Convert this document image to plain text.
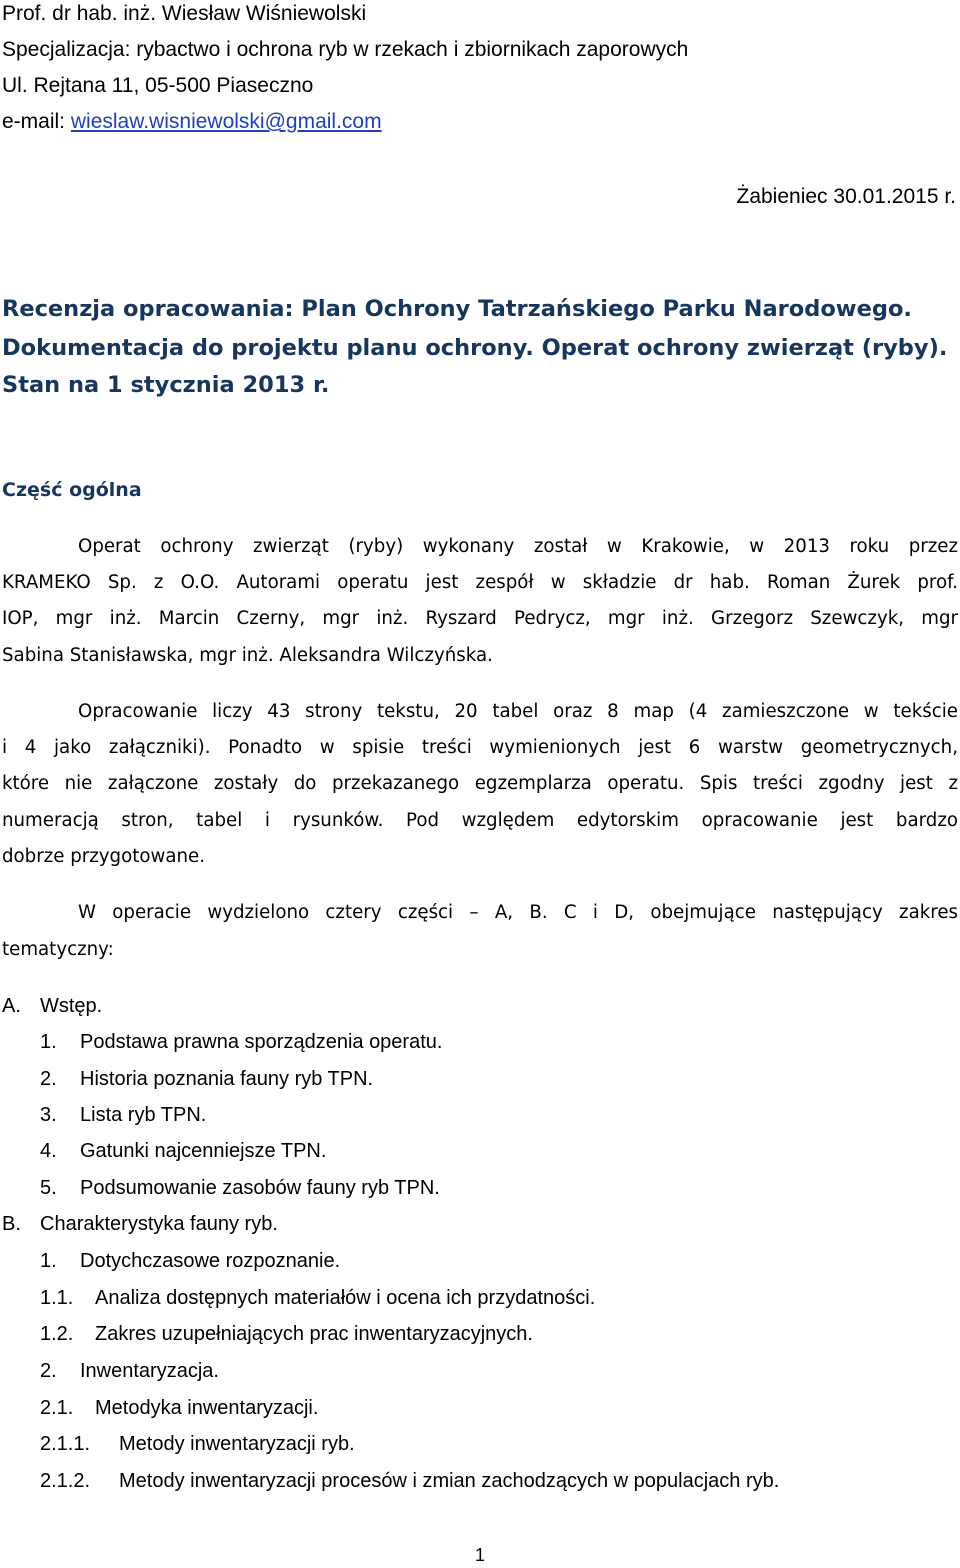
Prof. dr hab. inż. Wiesław Wiśniewolski
Specjalizacja: rybactwo i ochrona ryb w rzekach i zbiornikach zaporowych
Ul. Rejtana 11, 05-500 Piaseczno
e-mail: wieslaw.wisniewolski@gmail.com
Żabieniec 30.01.2015 r.
Recenzja opracowania: Plan Ochrony Tatrzańskiego Parku Narodowego.
Dokumentacja do projektu planu ochrony. Operat ochrony zwierząt (ryby).
Stan na 1 stycznia 2013 r.
Część ogólna
Operat ochrony zwierząt (ryby) wykonany został w Krakowie, w 2013 roku przez
KRAMEKO Sp. z O.O. Autorami operatu jest zespół w składzie dr hab. Roman Żurek prof.
IOP, mgr inż. Marcin Czerny, mgr inż. Ryszard Pedrycz, mgr inż. Grzegorz Szewczyk, mgr
Sabina Stanisławska, mgr inż. Aleksandra Wilczyńska.
Opracowanie liczy 43 strony tekstu, 20 tabel oraz 8 map (4 zamieszczone w tekście
i 4 jako załączniki). Ponadto w spisie treści wymienionych jest 6 warstw geometrycznych,
które nie załączone zostały do przekazanego egzemplarza operatu. Spis treści zgodny jest z
numeracją stron, tabel i rysunków. Pod względem edytorskim opracowanie jest bardzo
dobrze przygotowane.
W operacie wydzielono cztery części – A, B. C i D, obejmujące następujący zakres
tematyczny:
A. Wstęp.
1. Podstawa prawna sporządzenia operatu.
2. Historia poznania fauny ryb TPN.
3. Lista ryb TPN.
4. Gatunki najcenniejsze TPN.
5. Podsumowanie zasobów fauny ryb TPN.
B. Charakterystyka fauny ryb.
1. Dotychczasowe rozpoznanie.
1.1. Analiza dostępnych materiałów i ocena ich przydatności.
1.2. Zakres uzupełniających prac inwentaryzacyjnych.
2. Inwentaryzacja.
2.1. Metodyka inwentaryzacji.
2.1.1. Metody inwentaryzacji ryb.
2.1.2. Metody inwentaryzacji procesów i zmian zachodzących w populacjach ryb.
1
